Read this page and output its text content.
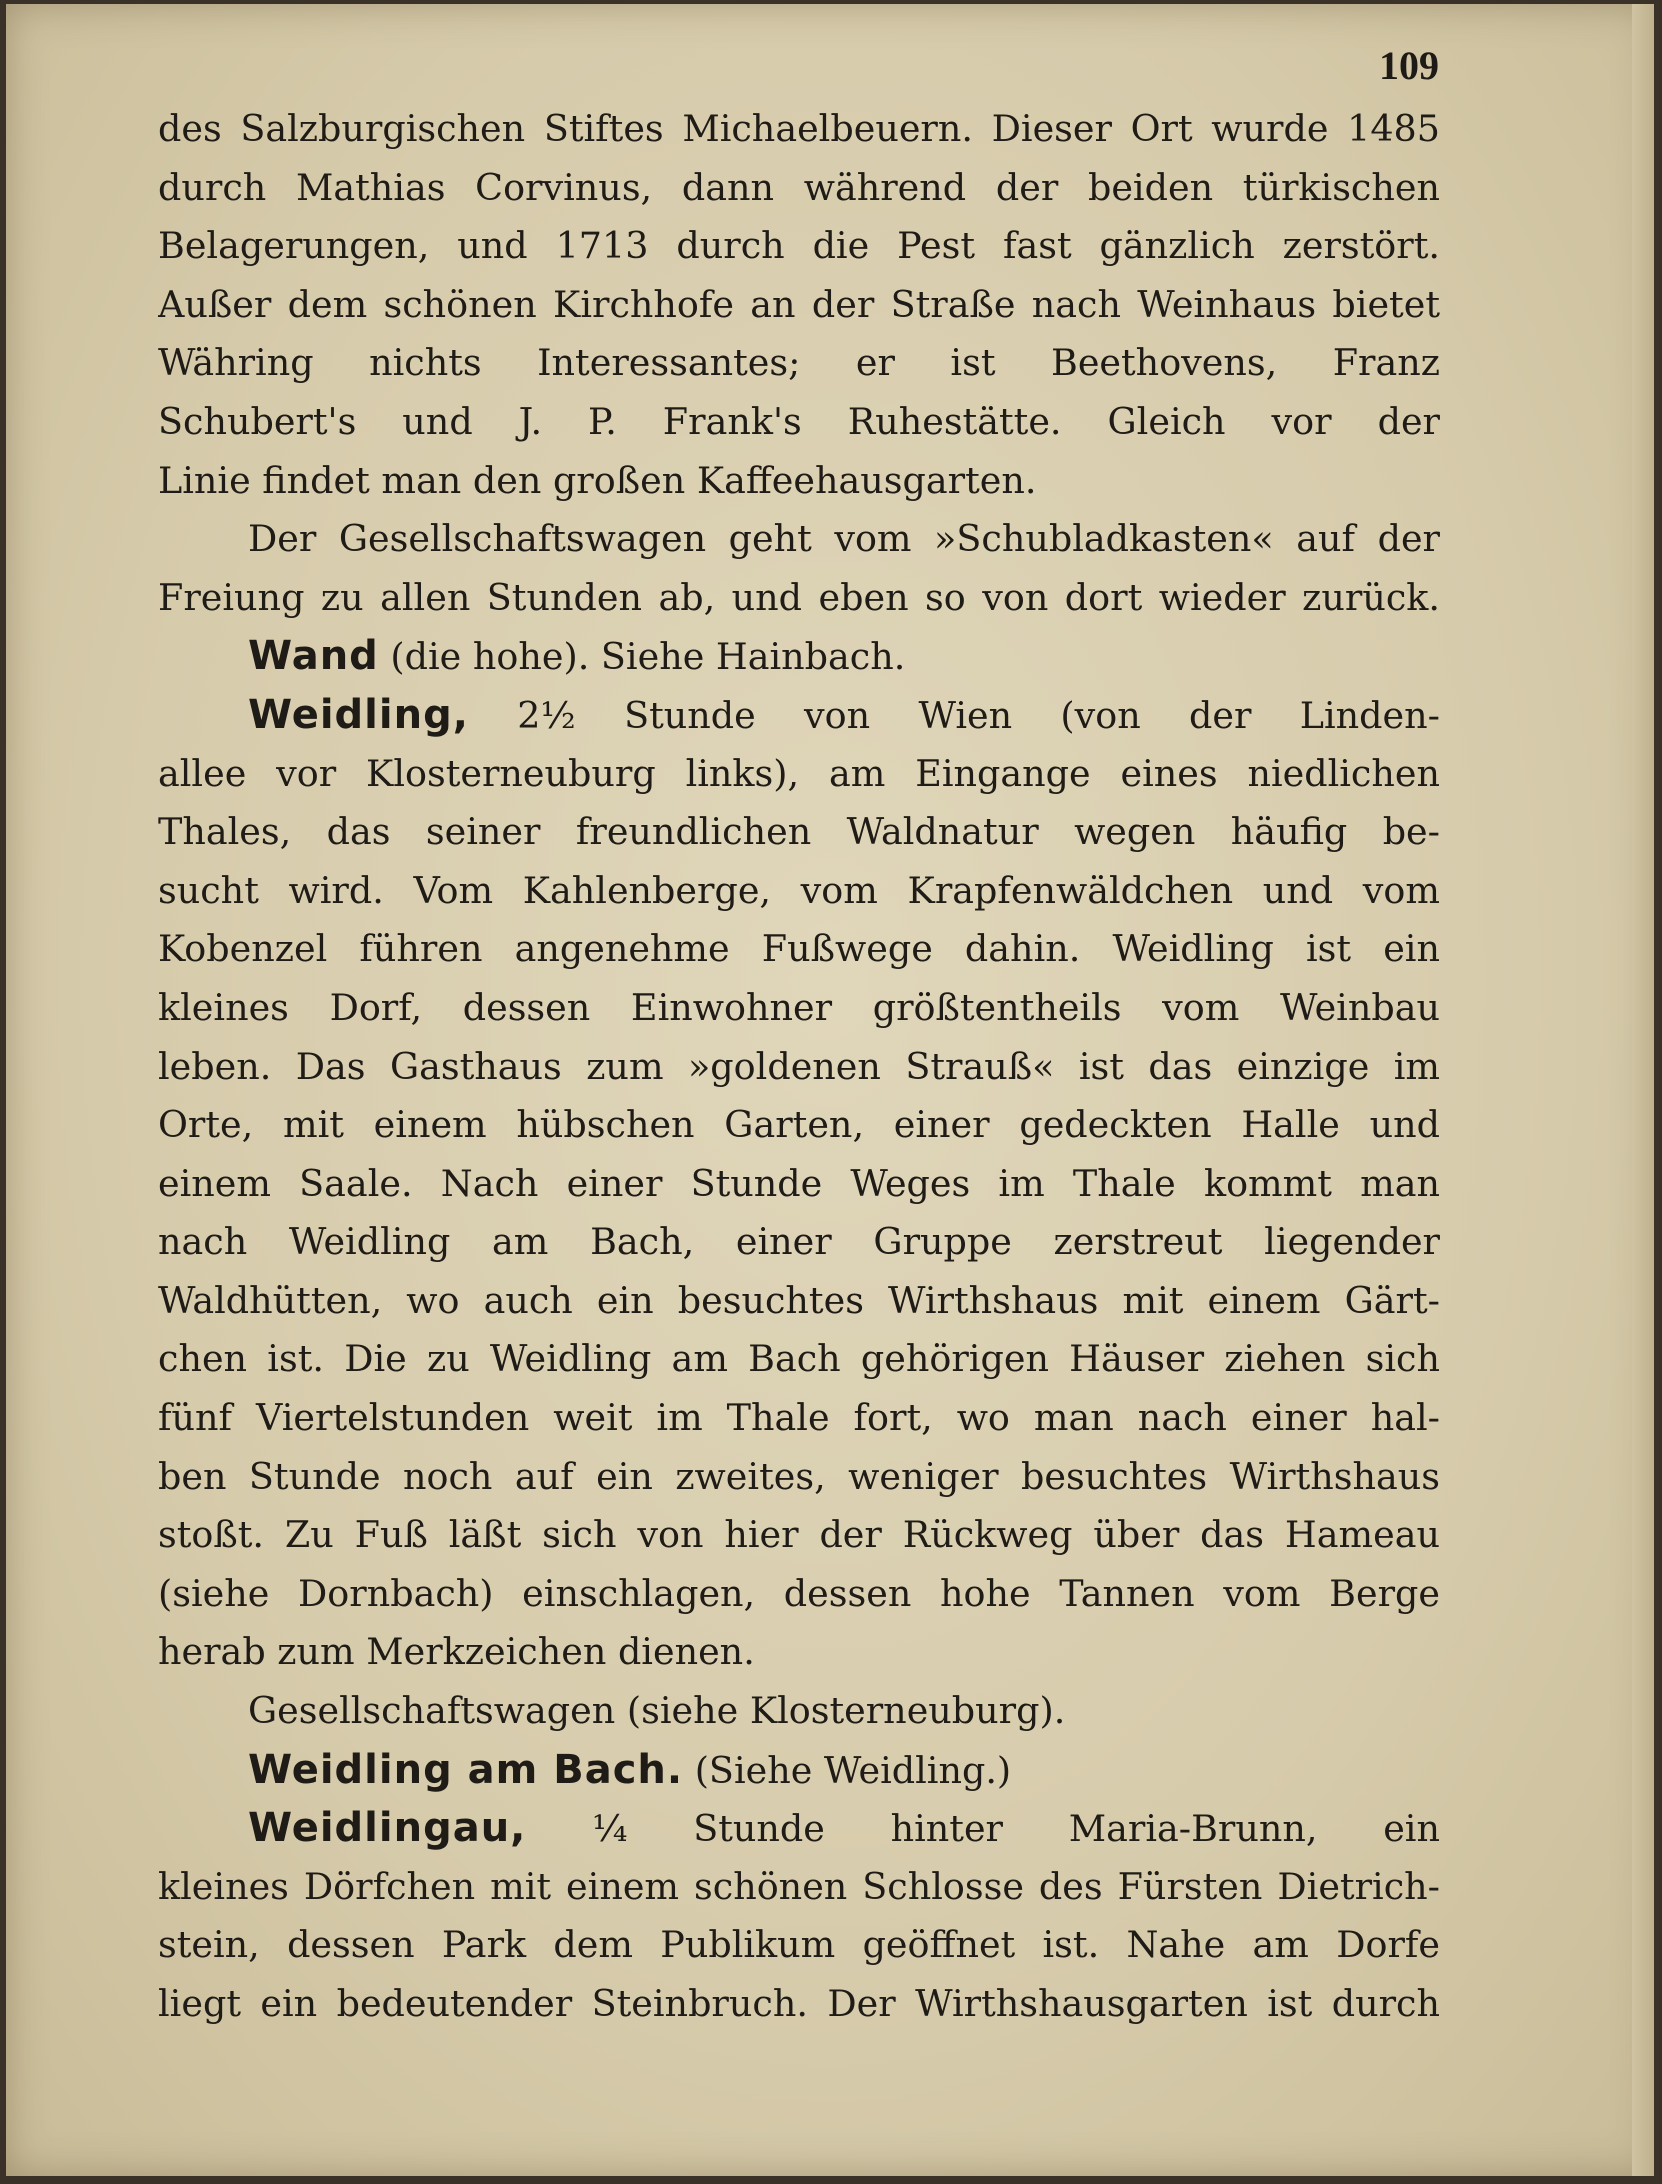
109
des Salzburgischen Stiftes Michaelbeuern. Dieser Ort wurde 1485
durch Mathias Corvinus, dann während der beiden türkischen
Belagerungen, und 1713 durch die Pest fast gänzlich zerstört.
Außer dem schönen Kirchhofe an der Straße nach Weinhaus bietet
Währing nichts Interessantes; er ist Beethovens, Franz
Schubert's und J. P. Frank's Ruhestätte. Gleich vor der
Linie findet man den großen Kaffeehausgarten.
Der Gesellschaftswagen geht vom »Schubladkasten« auf der
Freiung zu allen Stunden ab, und eben so von dort wieder zurück.
Wand (die hohe). Siehe Hainbach.
Weidling, 2½ Stunde von Wien (von der Linden-
allee vor Klosterneuburg links), am Eingange eines niedlichen
Thales, das seiner freundlichen Waldnatur wegen häufig be-
sucht wird. Vom Kahlenberge, vom Krapfenwäldchen und vom
Kobenzel führen angenehme Fußwege dahin. Weidling ist ein
kleines Dorf, dessen Einwohner größtentheils vom Weinbau
leben. Das Gasthaus zum »goldenen Strauß« ist das einzige im
Orte, mit einem hübschen Garten, einer gedeckten Halle und
einem Saale. Nach einer Stunde Weges im Thale kommt man
nach Weidling am Bach, einer Gruppe zerstreut liegender
Waldhütten, wo auch ein besuchtes Wirthshaus mit einem Gärt-
chen ist. Die zu Weidling am Bach gehörigen Häuser ziehen sich
fünf Viertelstunden weit im Thale fort, wo man nach einer hal-
ben Stunde noch auf ein zweites, weniger besuchtes Wirthshaus
stoßt. Zu Fuß läßt sich von hier der Rückweg über das Hameau
(siehe Dornbach) einschlagen, dessen hohe Tannen vom Berge
herab zum Merkzeichen dienen.
Gesellschaftswagen (siehe Klosterneuburg).
Weidling am Bach. (Siehe Weidling.)
Weidlingau, ¼ Stunde hinter Maria-Brunn, ein
kleines Dörfchen mit einem schönen Schlosse des Fürsten Dietrich-
stein, dessen Park dem Publikum geöffnet ist. Nahe am Dorfe
liegt ein bedeutender Steinbruch. Der Wirthshausgarten ist durch
